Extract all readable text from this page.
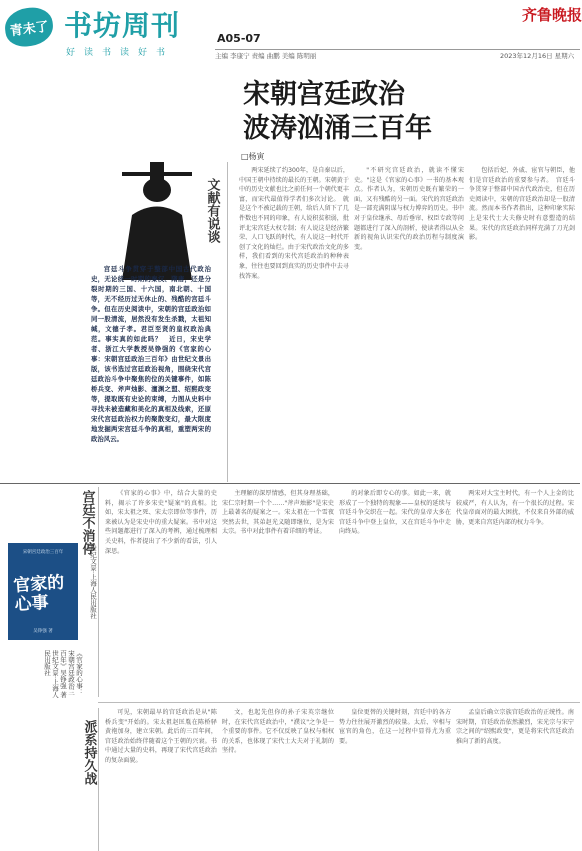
青未了 书坊周刊
好读书读好书
A05-07
齐鲁晚报
主编 李康宁 责编 曲鹏 美编 陈明丽	2023年12月16日 星期六
宋朝宫廷政治
波涛汹涌三百年
□杨寅
文献有说谈
宫廷不消停
派系持久战
宫廷斗争贯穿于整部中国古代政治史，无论统一时期的秦汉、隋唐，还是分裂时期的三国、十六国，南北朝、十国等，无不经历过无休止的、残酷的宫廷斗争。但在历史阅读中，宋朝的宫廷政治如同一股清流，居然没有发生杀戮，太祖知缄，文德子孝。君臣至贤的皇权政治典范。事实真的如此吗？　近日，宋史学者、浙江大学教授吴铮强的《官家的心事：宋朝宫廷政治三百年》由世纪文景出版，该书选过宫廷政治视角，围绕宋代宫廷政治斗争中聚焦的位的关键事件，如陈桥兵变、斧声烛影、澶渊之盟、绍熙政变等，提取既有史论的束缚，力图从史料中寻找未被造藏和美化的真相及线索，还原宋代宫廷政治权力的聚散变幻，最大限度地发掘两宋宫廷斗争的真相，重塑两宋的政治风云。
两宋延续了约300年，是自秦以后，中国王朝中持续的最长的王朝。宋朝黄于中的历史文献也比之前任何一个朝代更丰富，而宋代最值得学者们多次讨论。　就是这个不被记载的王朝，给后人留下了几件数也不同的印象，有人说积贫积弱，批评北宋宫廷大权专制；有人说这是经济繁荣、人口飞跃的时代，有人说这一时代开创了文化的灿烂。由于宋代政治文化的多样，我们看到的宋代宫廷政治的种种表象，往往也要回到真实的历史事件中去寻找答案。
"不研究宫廷政治，就读不懂宋史。"这是《官家的心事》一书的基本观点。作者认为，宋朝历史既有繁荣的一面，又有残酷的另一面。宋代的宫廷政治是一部充满阴谋与权力博弈的历史。书中对于皇位继承、母后垂帘、权臣专政等问题都进行了深入的剖析，使读者得以从全新的视角认识宋代的政治历程与制度演变。
包括后妃、外戚、宦官与朝臣，他们是宫廷政治的重要参与者。　宫廷斗争贯穿于整部中国古代政治史，但在历史阅读中，宋朝的宫廷政治却是一股清流。然而本书作者指出，这种印象实际上是宋代士大夫修史时有意塑造的结果。宋代的宫廷政治同样充满了刀光剑影。
《官家的心事》中，结合大量的史料，揭示了许多宋史"疑案"的真相。比如，宋太祖之死、宋太宗即位等事件，历来被认为是宋史中的重大疑案。书中对这些问题都进行了深入的考辨，通过梳理相关史料，作者提出了不少新的看法，引人深思。
主理解的深厚情感，但其身理基础，宋仁宗时期一个个……"斧声烛影"是宋史上最著名的疑案之一。宋太祖在一个雪夜突然去世，其弟赵光义随即继位，是为宋太宗。书中对此事件有着详细的考证。
的对象后即专心的事。如此一来，就形成了一个独特的现象——皇权的延续与宫廷斗争交织在一起。宋代的皇帝大多在宫廷斗争中登上皇位，又在宫廷斗争中走向终局。
两宋对大宝主时代，有一个人上金的比较威严，有人认为，有一个很长的过程。宋代皇帝面对的最大困扰，不仅来自外部的威胁，更来自宫廷内部的权力斗争。
可见，宋朝最早的宫廷政治是从"陈桥兵变"开始的。宋太祖赵匡胤在陈桥驿黄袍加身，建立宋朝。此后的三百年间，宫廷政治始终伴随着这个王朝的兴衰。书中通过大量的史料，再现了宋代宫廷政治的复杂面貌。
文，也起先但你的孙子宋英宗继位时，在宋代宫廷政治中，"濮议"之争是一个重要的事件。它不仅反映了皇权与相权的关系，也体现了宋代士大夫对于礼制的坚持。
皇位更替的关键时刻，宫廷中的各方势力往往展开激烈的较量。太后、宰相与宦官的角色，在这一过程中显得尤为重要。
孟皇后确立宗族宫廷政治的正统性。南宋时期，宫廷政治依然激烈，宋光宗与宋宁宗之间的"绍熙政变"，更是将宋代宫廷政治推向了新的高度。
宋朝宫廷政治三百年
官家的心事
吴铮强 著
世纪文景·上海人民出版社
《官家的心事：宋朝宫廷政治三百年》吴铮强 著 世纪文景·上海人民出版社
